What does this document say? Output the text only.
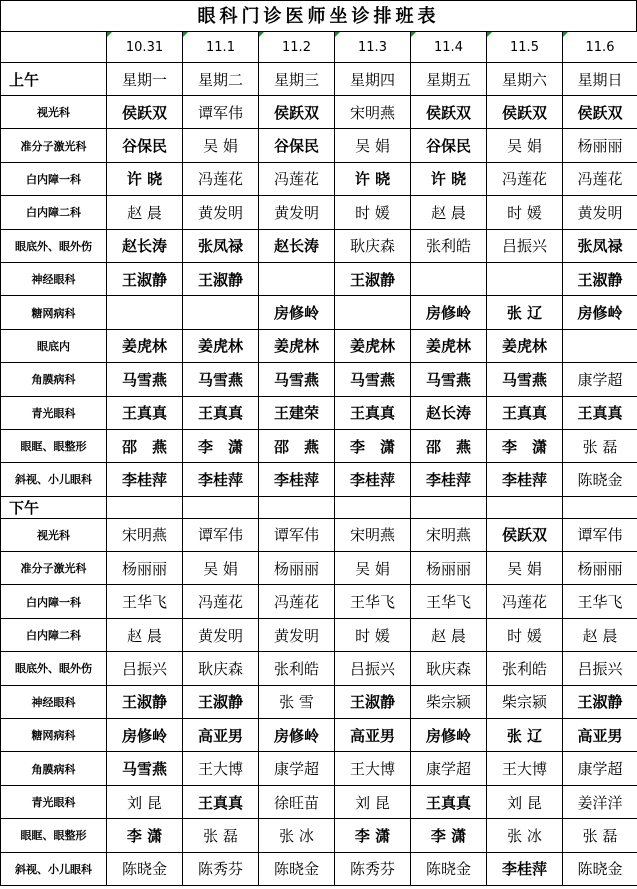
眼科门诊医师坐诊排班表
	10.31	11.1	11.2	11.3	11.4	11.5	11.6
上午	星期一	星期二	星期三	星期四	星期五	星期六	星期日
视光科	侯跃双	谭军伟	侯跃双	宋明燕	侯跃双	侯跃双	侯跃双
准分子激光科	谷保民	吴 娟	谷保民	吴 娟	谷保民	吴 娟	杨丽丽
白内障一科	许 晓	冯莲花	冯莲花	许 晓	许 晓	冯莲花	冯莲花
白内障二科	赵 晨	黄发明	黄发明	时 媛	赵 晨	时 媛	黄发明
眼底外、眼外伤	赵长涛	张凤禄	赵长涛	耿庆森	张利皓	吕振兴	张凤禄
神经眼科	王淑静	王淑静		王淑静			王淑静
糖网病科			房修岭		房修岭	张 辽	房修岭
眼底内	姜虎林	姜虎林	姜虎林	姜虎林	姜虎林	姜虎林	
角膜病科	马雪燕	马雪燕	马雪燕	马雪燕	马雪燕	马雪燕	康学超
青光眼科	王真真	王真真	王建荣	王真真	赵长涛	王真真	王真真
眼眶、眼整形	邵　燕	李　潇	邵　燕	李　潇	邵　燕	李　潇	张 磊
斜视、小儿眼科	李桂萍	李桂萍	李桂萍	李桂萍	李桂萍	李桂萍	陈晓金
下午							
视光科	宋明燕	谭军伟	谭军伟	宋明燕	宋明燕	侯跃双	谭军伟
准分子激光科	杨丽丽	吴 娟	杨丽丽	吴 娟	杨丽丽	吴 娟	杨丽丽
白内障一科	王华飞	冯莲花	冯莲花	王华飞	王华飞	冯莲花	王华飞
白内障二科	赵 晨	黄发明	黄发明	时 媛	赵 晨	时 媛	赵 晨
眼底外、眼外伤	吕振兴	耿庆森	张利皓	吕振兴	耿庆森	张利皓	吕振兴
神经眼科	王淑静	王淑静	张 雪	王淑静	柴宗颍	柴宗颍	王淑静
糖网病科	房修岭	高亚男	房修岭	高亚男	房修岭	张 辽	高亚男
角膜病科	马雪燕	王大博	康学超	王大博	康学超	王大博	康学超
青光眼科	刘 昆	王真真	徐旺苗	刘 昆	王真真	刘 昆	姜洋洋
眼眶、眼整形	李 潇	张 磊	张 冰	李 潇	李 潇	张 冰	张 磊
斜视、小儿眼科	陈晓金	陈秀芬	陈晓金	陈秀芬	陈晓金	李桂萍	陈晓金
